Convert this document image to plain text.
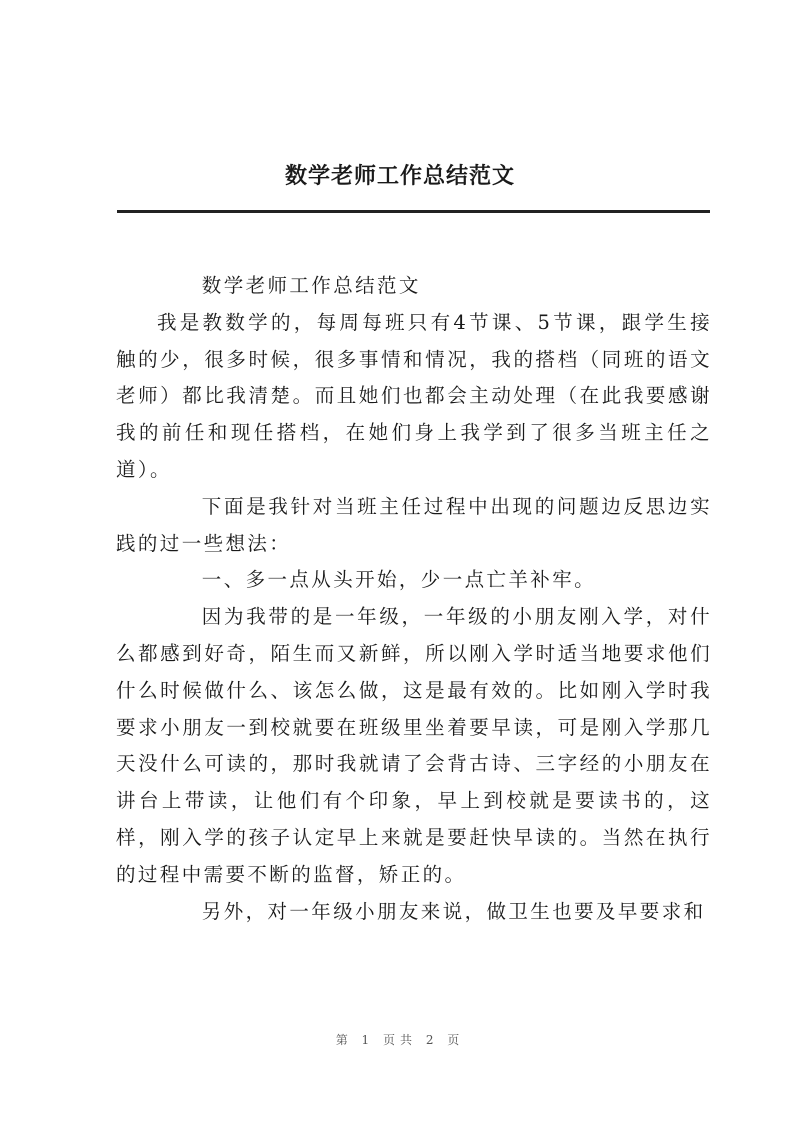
数学老师工作总结范文

数学老师工作总结范文

我是教数学的，每周每班只有4节课、5节课，跟学生接触的少，很多时候，很多事情和情况，我的搭档（同班的语文老师）都比我清楚。而且她们也都会主动处理（在此我要感谢我的前任和现任搭档，在她们身上我学到了很多当班主任之道）。

下面是我针对当班主任过程中出现的问题边反思边实践的过一些想法：

一、多一点从头开始，少一点亡羊补牢。

因为我带的是一年级，一年级的小朋友刚入学，对什么都感到好奇，陌生而又新鲜，所以刚入学时适当地要求他们什么时候做什么、该怎么做，这是最有效的。比如刚入学时我要求小朋友一到校就要在班级里坐着要早读，可是刚入学那几天没什么可读的，那时我就请了会背古诗、三字经的小朋友在讲台上带读，让他们有个印象，早上到校就是要读书的，这样，刚入学的孩子认定早上来就是要赶快早读的。当然在执行的过程中需要不断的监督，矫正的。

另外，对一年级小朋友来说，做卫生也要及早要求和

第 1 页共 2 页
